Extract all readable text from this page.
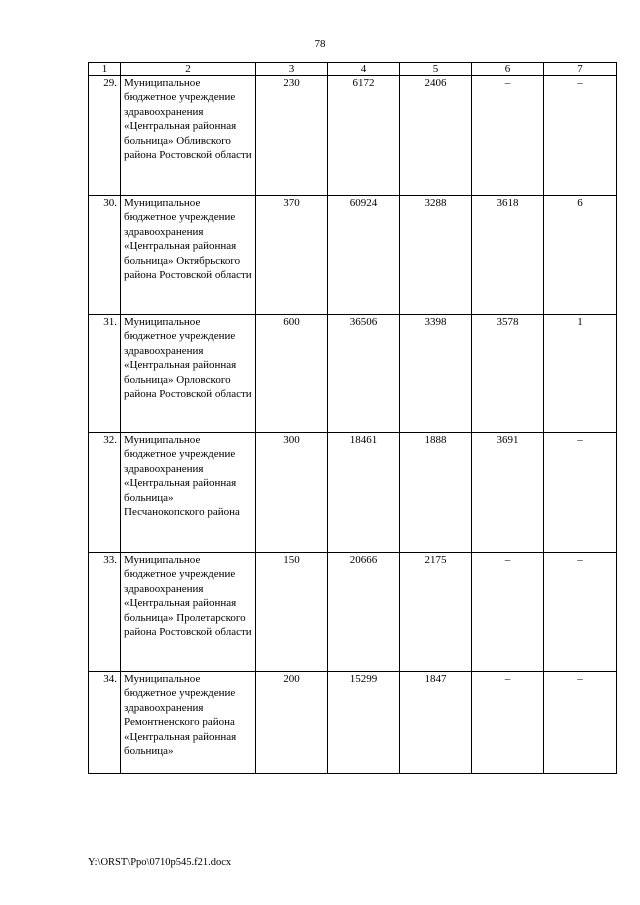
78
1	2	3	4	5	6	7
29.	Муниципальное бюджетное учреждение здравоохранения «Центральная районная больница» Обливского района Ростовской области	230	6172	2406	–	–
30.	Муниципальное бюджетное учреждение здравоохранения «Центральная районная больница» Октябрьского района Ростовской области	370	60924	3288	3618	6
31.	Муниципальное бюджетное учреждение здравоохранения «Центральная районная больница» Орловского района Ростовской области	600	36506	3398	3578	1
32.	Муниципальное бюджетное учреждение здравоохранения «Центральная районная больница» Песчанокопского района	300	18461	1888	3691	–
33.	Муниципальное бюджетное учреждение здравоохранения «Центральная районная больница» Пролетарского района Ростовской области	150	20666	2175	–	–
34.	Муниципальное бюджетное учреждение здравоохранения Ремонтненского района «Центральная районная больница»	200	15299	1847	–	–
Y:\ORST\Ppo\0710p545.f21.docx
